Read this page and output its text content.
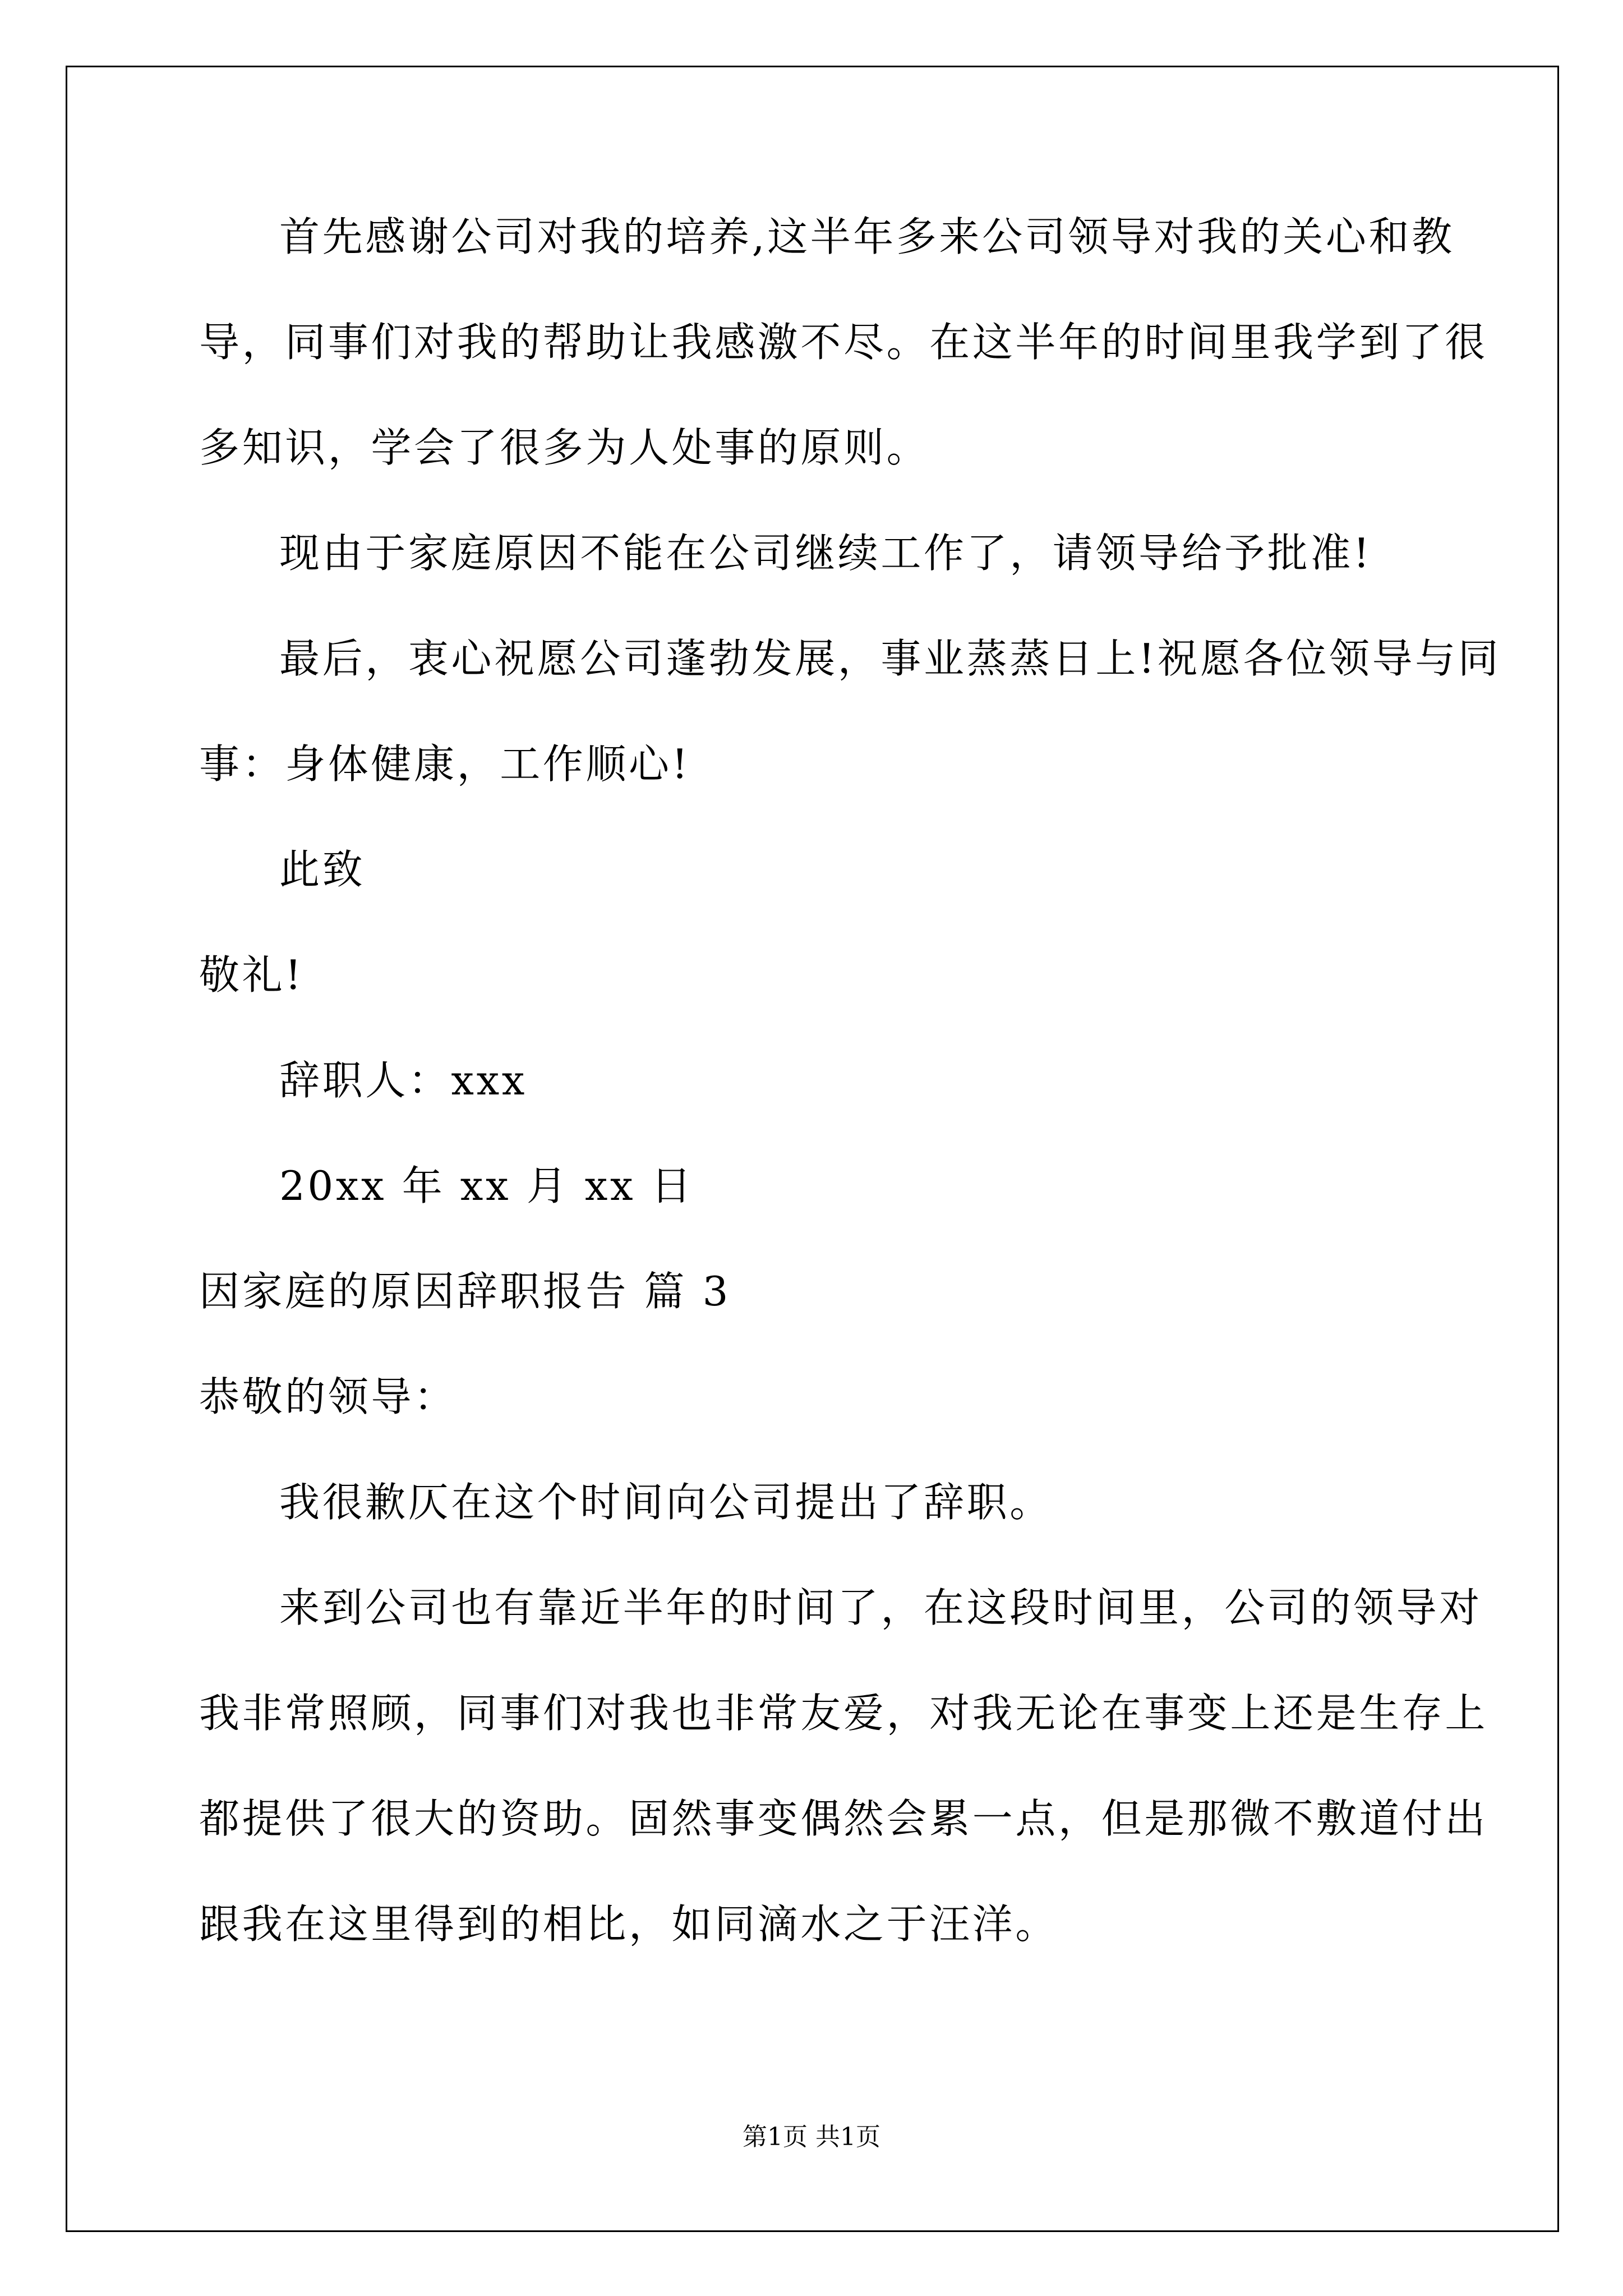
首先感谢公司对我的培养,这半年多来公司领导对我的关心和教
导，同事们对我的帮助让我感激不尽。在这半年的时间里我学到了很
多知识，学会了很多为人处事的原则。
现由于家庭原因不能在公司继续工作了，请领导给予批准!
最后，衷心祝愿公司蓬勃发展，事业蒸蒸日上!祝愿各位领导与同
事：身体健康，工作顺心!
此致
敬礼!
辞职人：xxx
20xx 年 xx 月 xx 日
因家庭的原因辞职报告 篇 3
恭敬的领导：
我很歉仄在这个时间向公司提出了辞职。
来到公司也有靠近半年的时间了，在这段时间里，公司的领导对
我非常照顾，同事们对我也非常友爱，对我无论在事变上还是生存上
都提供了很大的资助。固然事变偶然会累一点，但是那微不敷道付出
跟我在这里得到的相比，如同滴水之于汪洋。
第1页 共1页
